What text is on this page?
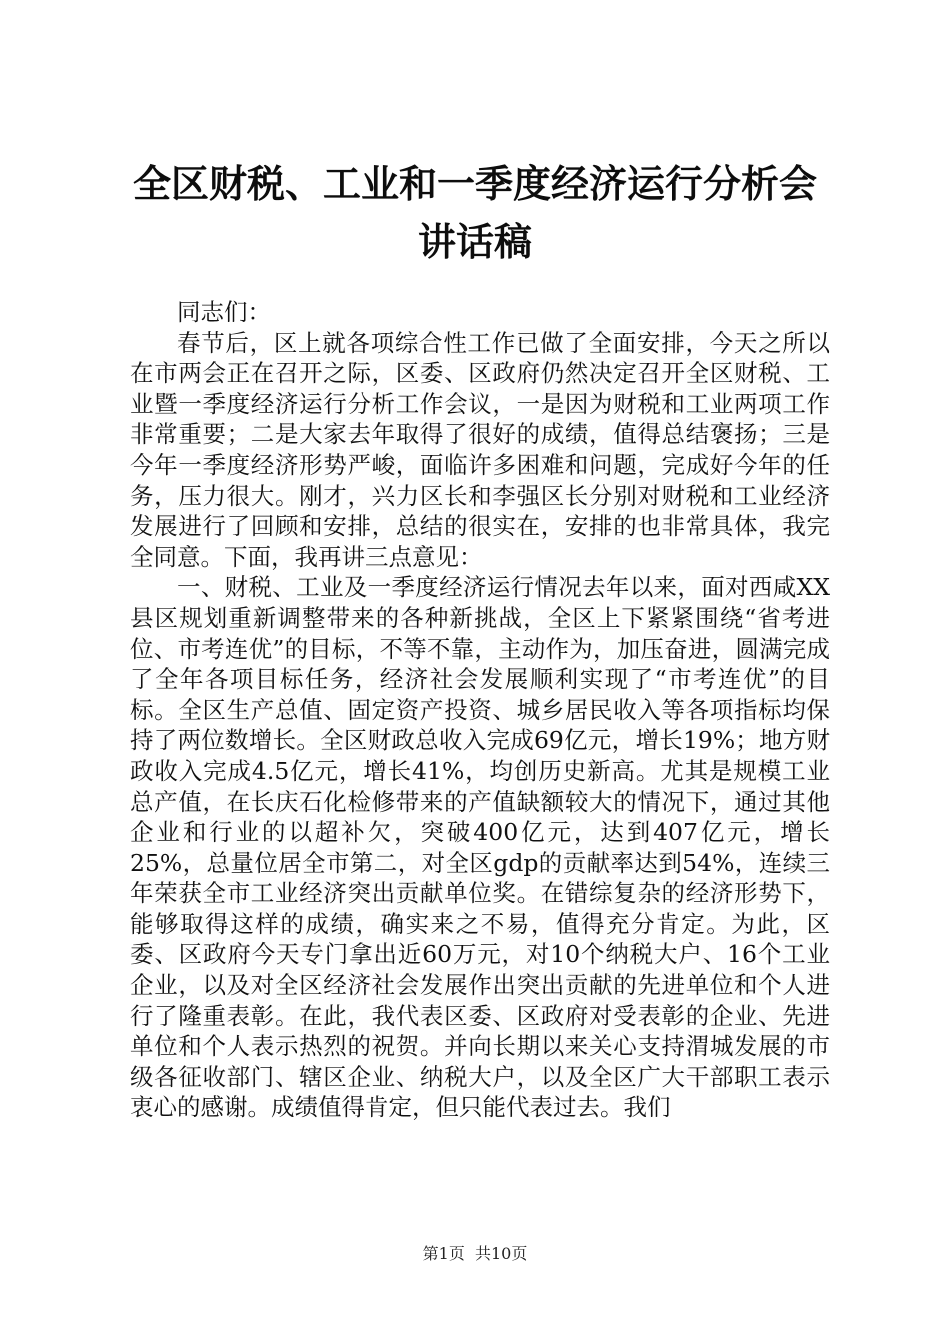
全区财税、工业和一季度经济运行分析会讲话稿

同志们：

春节后，区上就各项综合性工作已做了全面安排，今天之所以在市两会正在召开之际，区委、区政府仍然决定召开全区财税、工业暨一季度经济运行分析工作会议，一是因为财税和工业两项工作非常重要；二是大家去年取得了很好的成绩，值得总结褒扬；三是今年一季度经济形势严峻，面临许多困难和问题，完成好今年的任务，压力很大。刚才，兴力区长和李强区长分别对财税和工业经济发展进行了回顾和安排，总结的很实在，安排的也非常具体，我完全同意。下面，我再讲三点意见：

一、财税、工业及一季度经济运行情况去年以来，面对西咸XX县区规划重新调整带来的各种新挑战，全区上下紧紧围绕“省考进位、市考连优”的目标，不等不靠，主动作为，加压奋进，圆满完成了全年各项目标任务，经济社会发展顺利实现了“市考连优”的目标。全区生产总值、固定资产投资、城乡居民收入等各项指标均保持了两位数增长。全区财政总收入完成69亿元，增长19%；地方财政收入完成4.5亿元，增长41%，均创历史新高。尤其是规模工业总产值，在长庆石化检修带来的产值缺额较大的情况下，通过其他企业和行业的以超补欠，突破400亿元，达到407亿元，增长25%，总量位居全市第二，对全区gdp的贡献率达到54%，连续三年荣获全市工业经济突出贡献单位奖。在错综复杂的经济形势下，能够取得这样的成绩，确实来之不易，值得充分肯定。为此，区委、区政府今天专门拿出近60万元，对10个纳税大户、16个工业企业，以及对全区经济社会发展作出突出贡献的先进单位和个人进行了隆重表彰。在此，我代表区委、区政府对受表彰的企业、先进单位和个人表示热烈的祝贺。并向长期以来关心支持渭城发展的市级各征收部门、辖区企业、纳税大户，以及全区广大干部职工表示衷心的感谢。成绩值得肯定，但只能代表过去。我们

第1页  共10页
